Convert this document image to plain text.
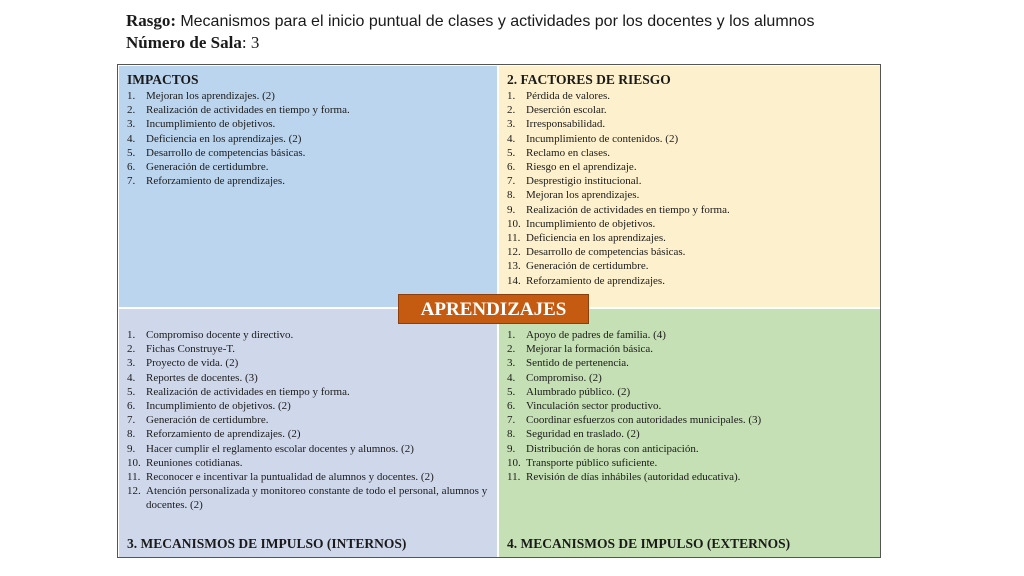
Rasgo: Mecanismos para el inicio puntual de clases y actividades por los docentes y los alumnos
Número de Sala: 3
IMPACTOS
1. Mejoran los aprendizajes. (2)
2. Realización de actividades en tiempo y forma.
3. Incumplimiento de objetivos.
4. Deficiencia en los aprendizajes. (2)
5. Desarrollo de competencias básicas.
6. Generación de certidumbre.
7. Reforzamiento de aprendizajes.
2. FACTORES DE RIESGO
1. Pérdida de valores.
2. Deserción escolar.
3. Irresponsabilidad.
4. Incumplimiento de contenidos. (2)
5. Reclamo en clases.
6. Riesgo en el aprendizaje.
7. Desprestigio institucional.
8. Mejoran los aprendizajes.
9. Realización de actividades en tiempo y forma.
10. Incumplimiento de objetivos.
11. Deficiencia en los aprendizajes.
12. Desarrollo de competencias básicas.
13. Generación de certidumbre.
14. Reforzamiento de aprendizajes.
1. Compromiso docente y directivo.
2. Fichas Construye-T.
3. Proyecto de vida. (2)
4. Reportes de docentes. (3)
5. Realización de actividades en tiempo y forma.
6. Incumplimiento de objetivos. (2)
7. Generación de certidumbre.
8. Reforzamiento de aprendizajes. (2)
9. Hacer cumplir el reglamento escolar docentes y alumnos. (2)
10. Reuniones cotidianas.
11. Reconocer e incentivar la puntualidad de alumnos y docentes. (2)
12. Atención personalizada y monitoreo constante de todo el personal, alumnos y docentes. (2)
3. MECANISMOS DE IMPULSO (INTERNOS)
1. Apoyo de padres de familia. (4)
2. Mejorar la formación básica.
3. Sentido de pertenencia.
4. Compromiso. (2)
5. Alumbrado público. (2)
6. Vinculación sector productivo.
7. Coordinar esfuerzos con autoridades municipales. (3)
8. Seguridad en traslado. (2)
9. Distribución de horas con anticipación.
10. Transporte público suficiente.
11. Revisión de días inhábiles (autoridad educativa).
4. MECANISMOS DE IMPULSO (EXTERNOS)
APRENDIZAJES
